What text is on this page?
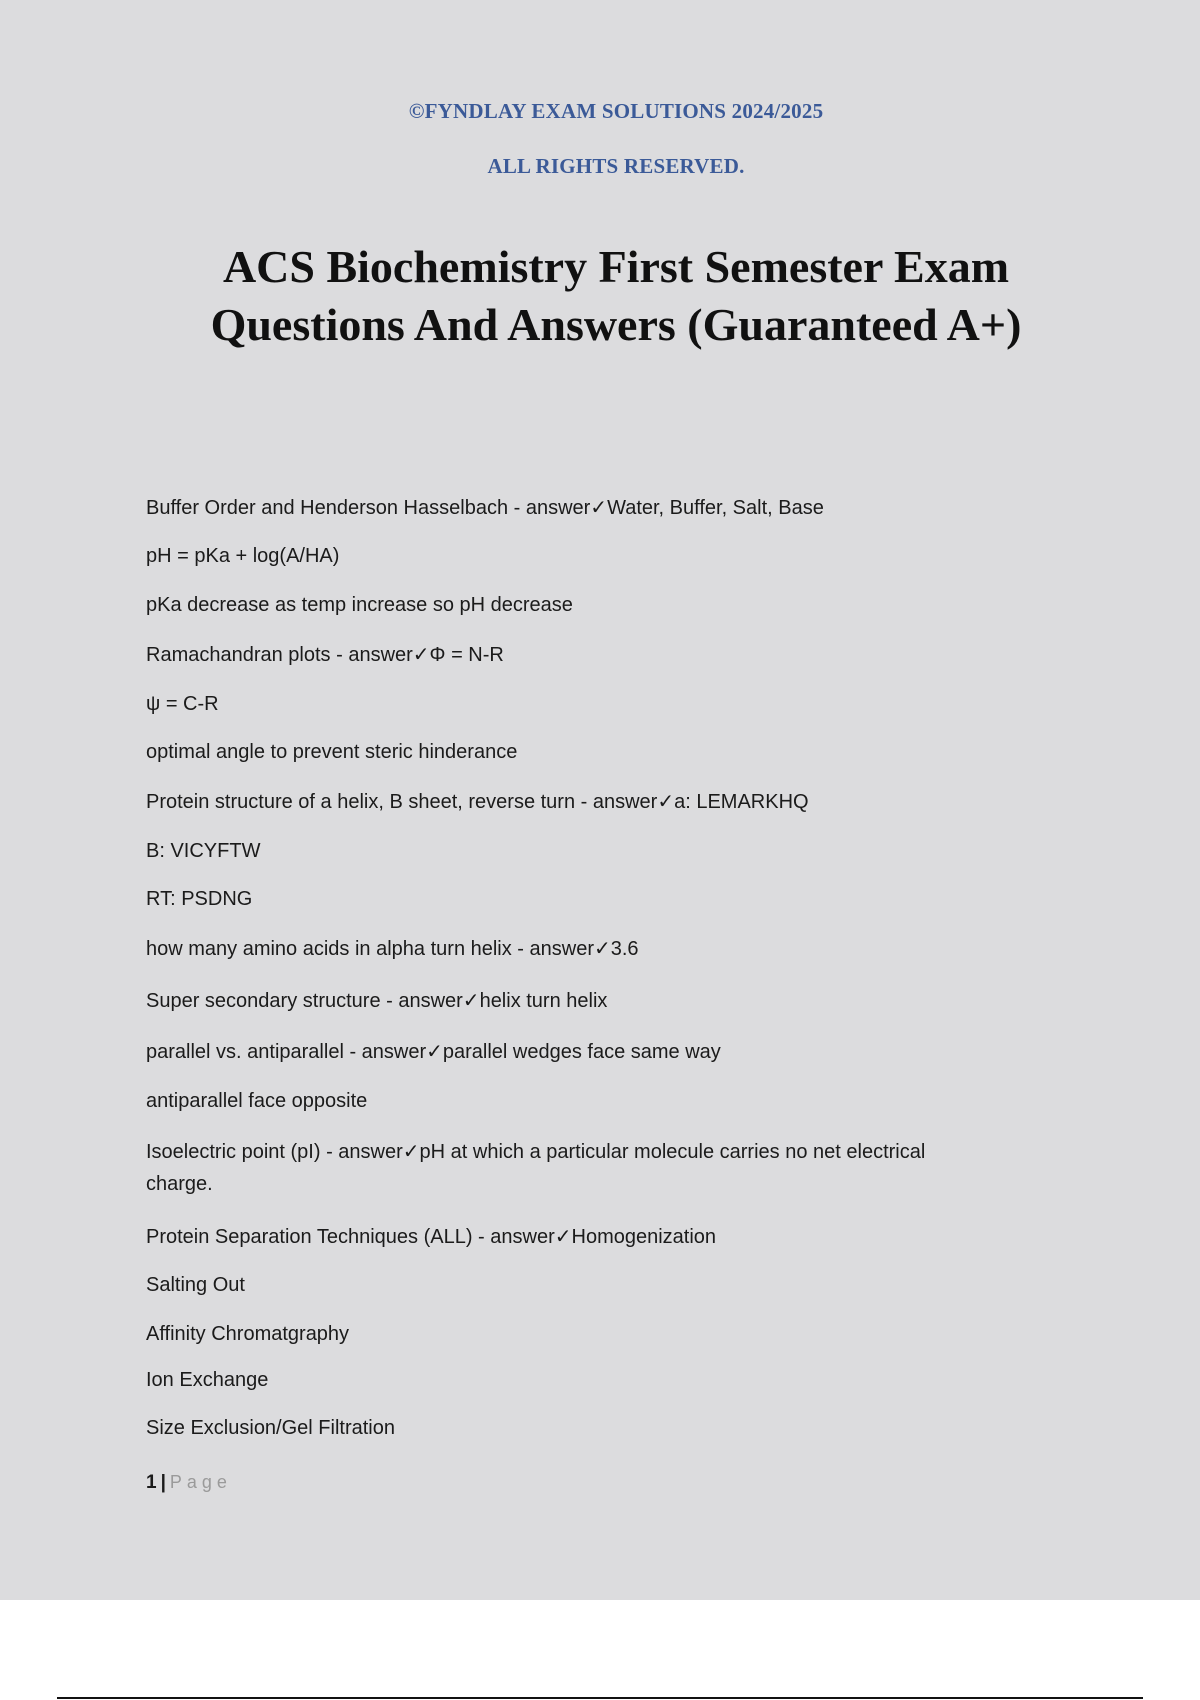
©FYNDLAY EXAM SOLUTIONS 2024/2025
ALL RIGHTS RESERVED.
ACS Biochemistry First Semester Exam
Questions And Answers (Guaranteed A+)
Buffer Order and Henderson Hasselbach - answer✓Water, Buffer, Salt, Base
pH = pKa + log(A/HA)
pKa decrease as temp increase so pH decrease
Ramachandran plots - answer✓Φ = N-R
ψ = C-R
optimal angle to prevent steric hinderance
Protein structure of a helix, B sheet, reverse turn - answer✓a: LEMARKHQ
B: VICYFTW
RT: PSDNG
how many amino acids in alpha turn helix - answer✓3.6
Super secondary structure - answer✓helix turn helix
parallel vs. antiparallel - answer✓parallel wedges face same way
antiparallel face opposite
Isoelectric point (pI) - answer✓pH at which a particular molecule carries no net electrical
charge.
Protein Separation Techniques (ALL) - answer✓Homogenization
Salting Out
Affinity Chromatgraphy
Ion Exchange
Size Exclusion/Gel Filtration
1 | Page
